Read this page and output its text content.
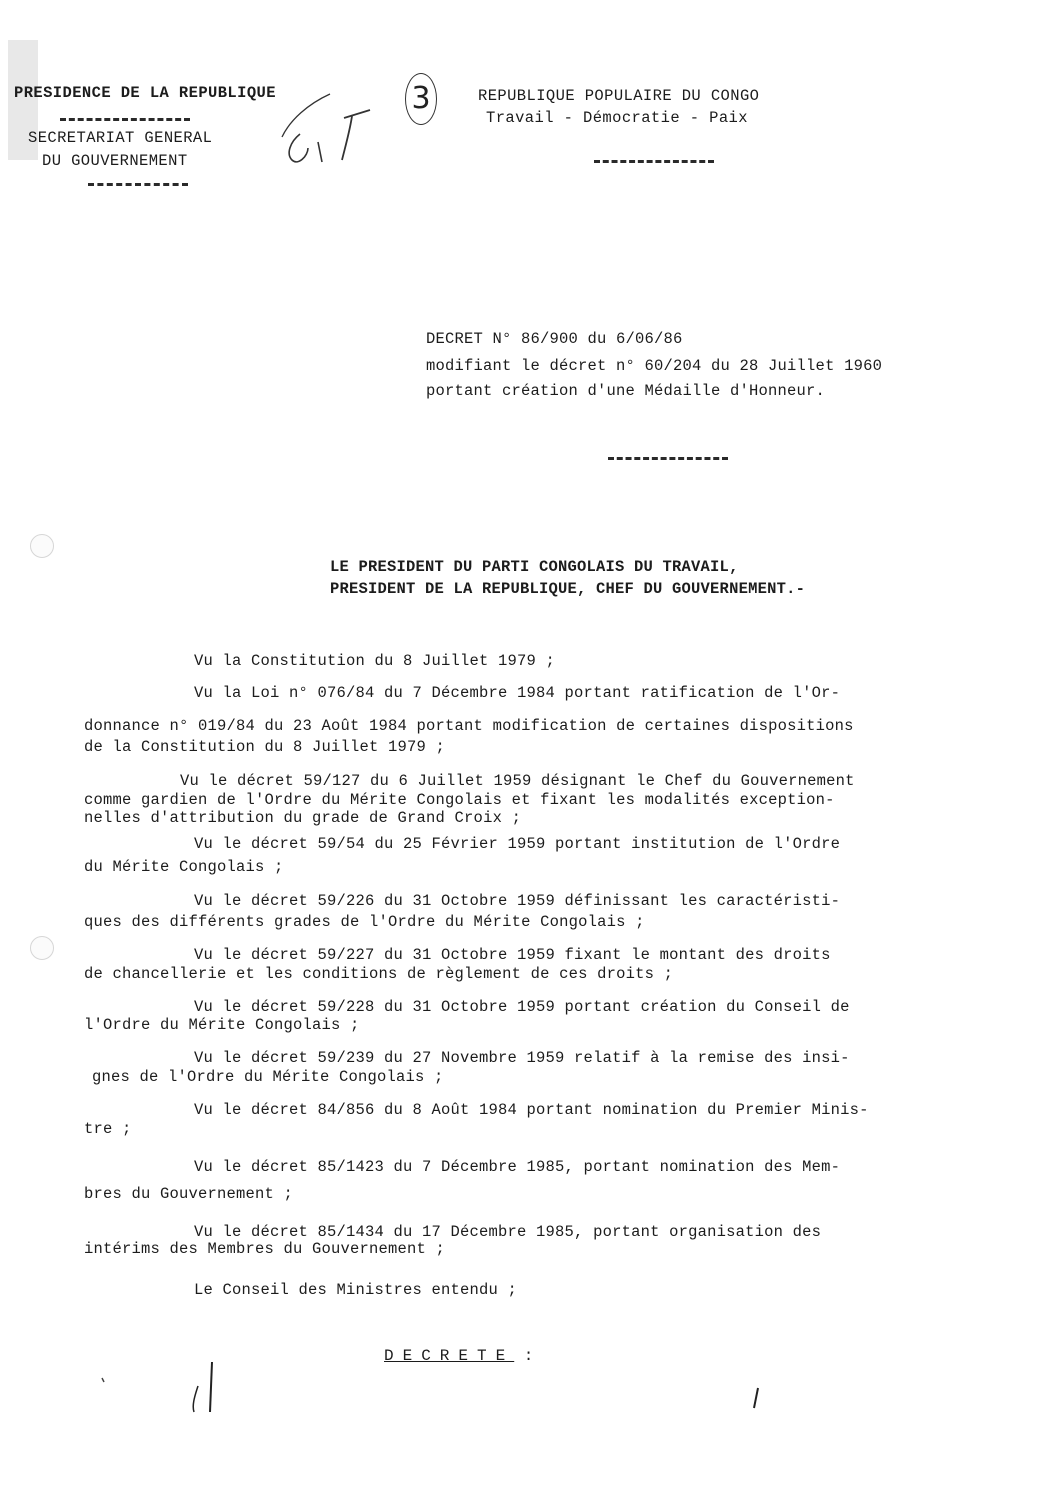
PRESIDENCE DE LA REPUBLIQUE
SECRETARIAT GENERAL
DU GOUVERNEMENT
3	REPUBLIQUE POPULAIRE DU CONGO
Travail - Démocratie - Paix
DECRET N° 86/900 du 6/06/86
modifiant le décret n° 60/204 du 28 Juillet 1960
portant création d'une Médaille d'Honneur.
LE PRESIDENT DU PARTI CONGOLAIS DU TRAVAIL,
PRESIDENT DE LA REPUBLIQUE, CHEF DU GOUVERNEMENT.-
Vu la Constitution du 8 Juillet 1979 ;
Vu la Loi n° 076/84 du 7 Décembre 1984 portant ratification de l'Or-
donnance n° 019/84 du 23 Août 1984 portant modification de certaines dispositions
de la Constitution du 8 Juillet 1979 ;
Vu le décret 59/127 du 6 Juillet 1959 désignant le Chef du Gouvernement
comme gardien de l'Ordre du Mérite Congolais et fixant les modalités exception-
nelles d'attribution du grade de Grand Croix ;
Vu le décret 59/54 du 25 Février 1959 portant institution de l'Ordre
du Mérite Congolais ;
Vu le décret 59/226 du 31 Octobre 1959 définissant les caractéristi-
ques des différents grades de l'Ordre du Mérite Congolais ;
Vu le décret 59/227 du 31 Octobre 1959 fixant le montant des droits
de chancellerie et les conditions de règlement de ces droits ;
Vu le décret 59/228 du 31 Octobre 1959 portant création du Conseil de
l'Ordre du Mérite Congolais ;
Vu le décret 59/239 du 27 Novembre 1959 relatif à la remise des insi-
gnes de l'Ordre du Mérite Congolais ;
Vu le décret 84/856 du 8 Août 1984 portant nomination du Premier Minis-
tre ;
Vu le décret 85/1423 du 7 Décembre 1985, portant nomination des Mem-
bres du Gouvernement ;
Vu le décret 85/1434 du 17 Décembre 1985, portant organisation des
intérims des Membres du Gouvernement ;
Le Conseil des Ministres entendu ;
DECRETE :
